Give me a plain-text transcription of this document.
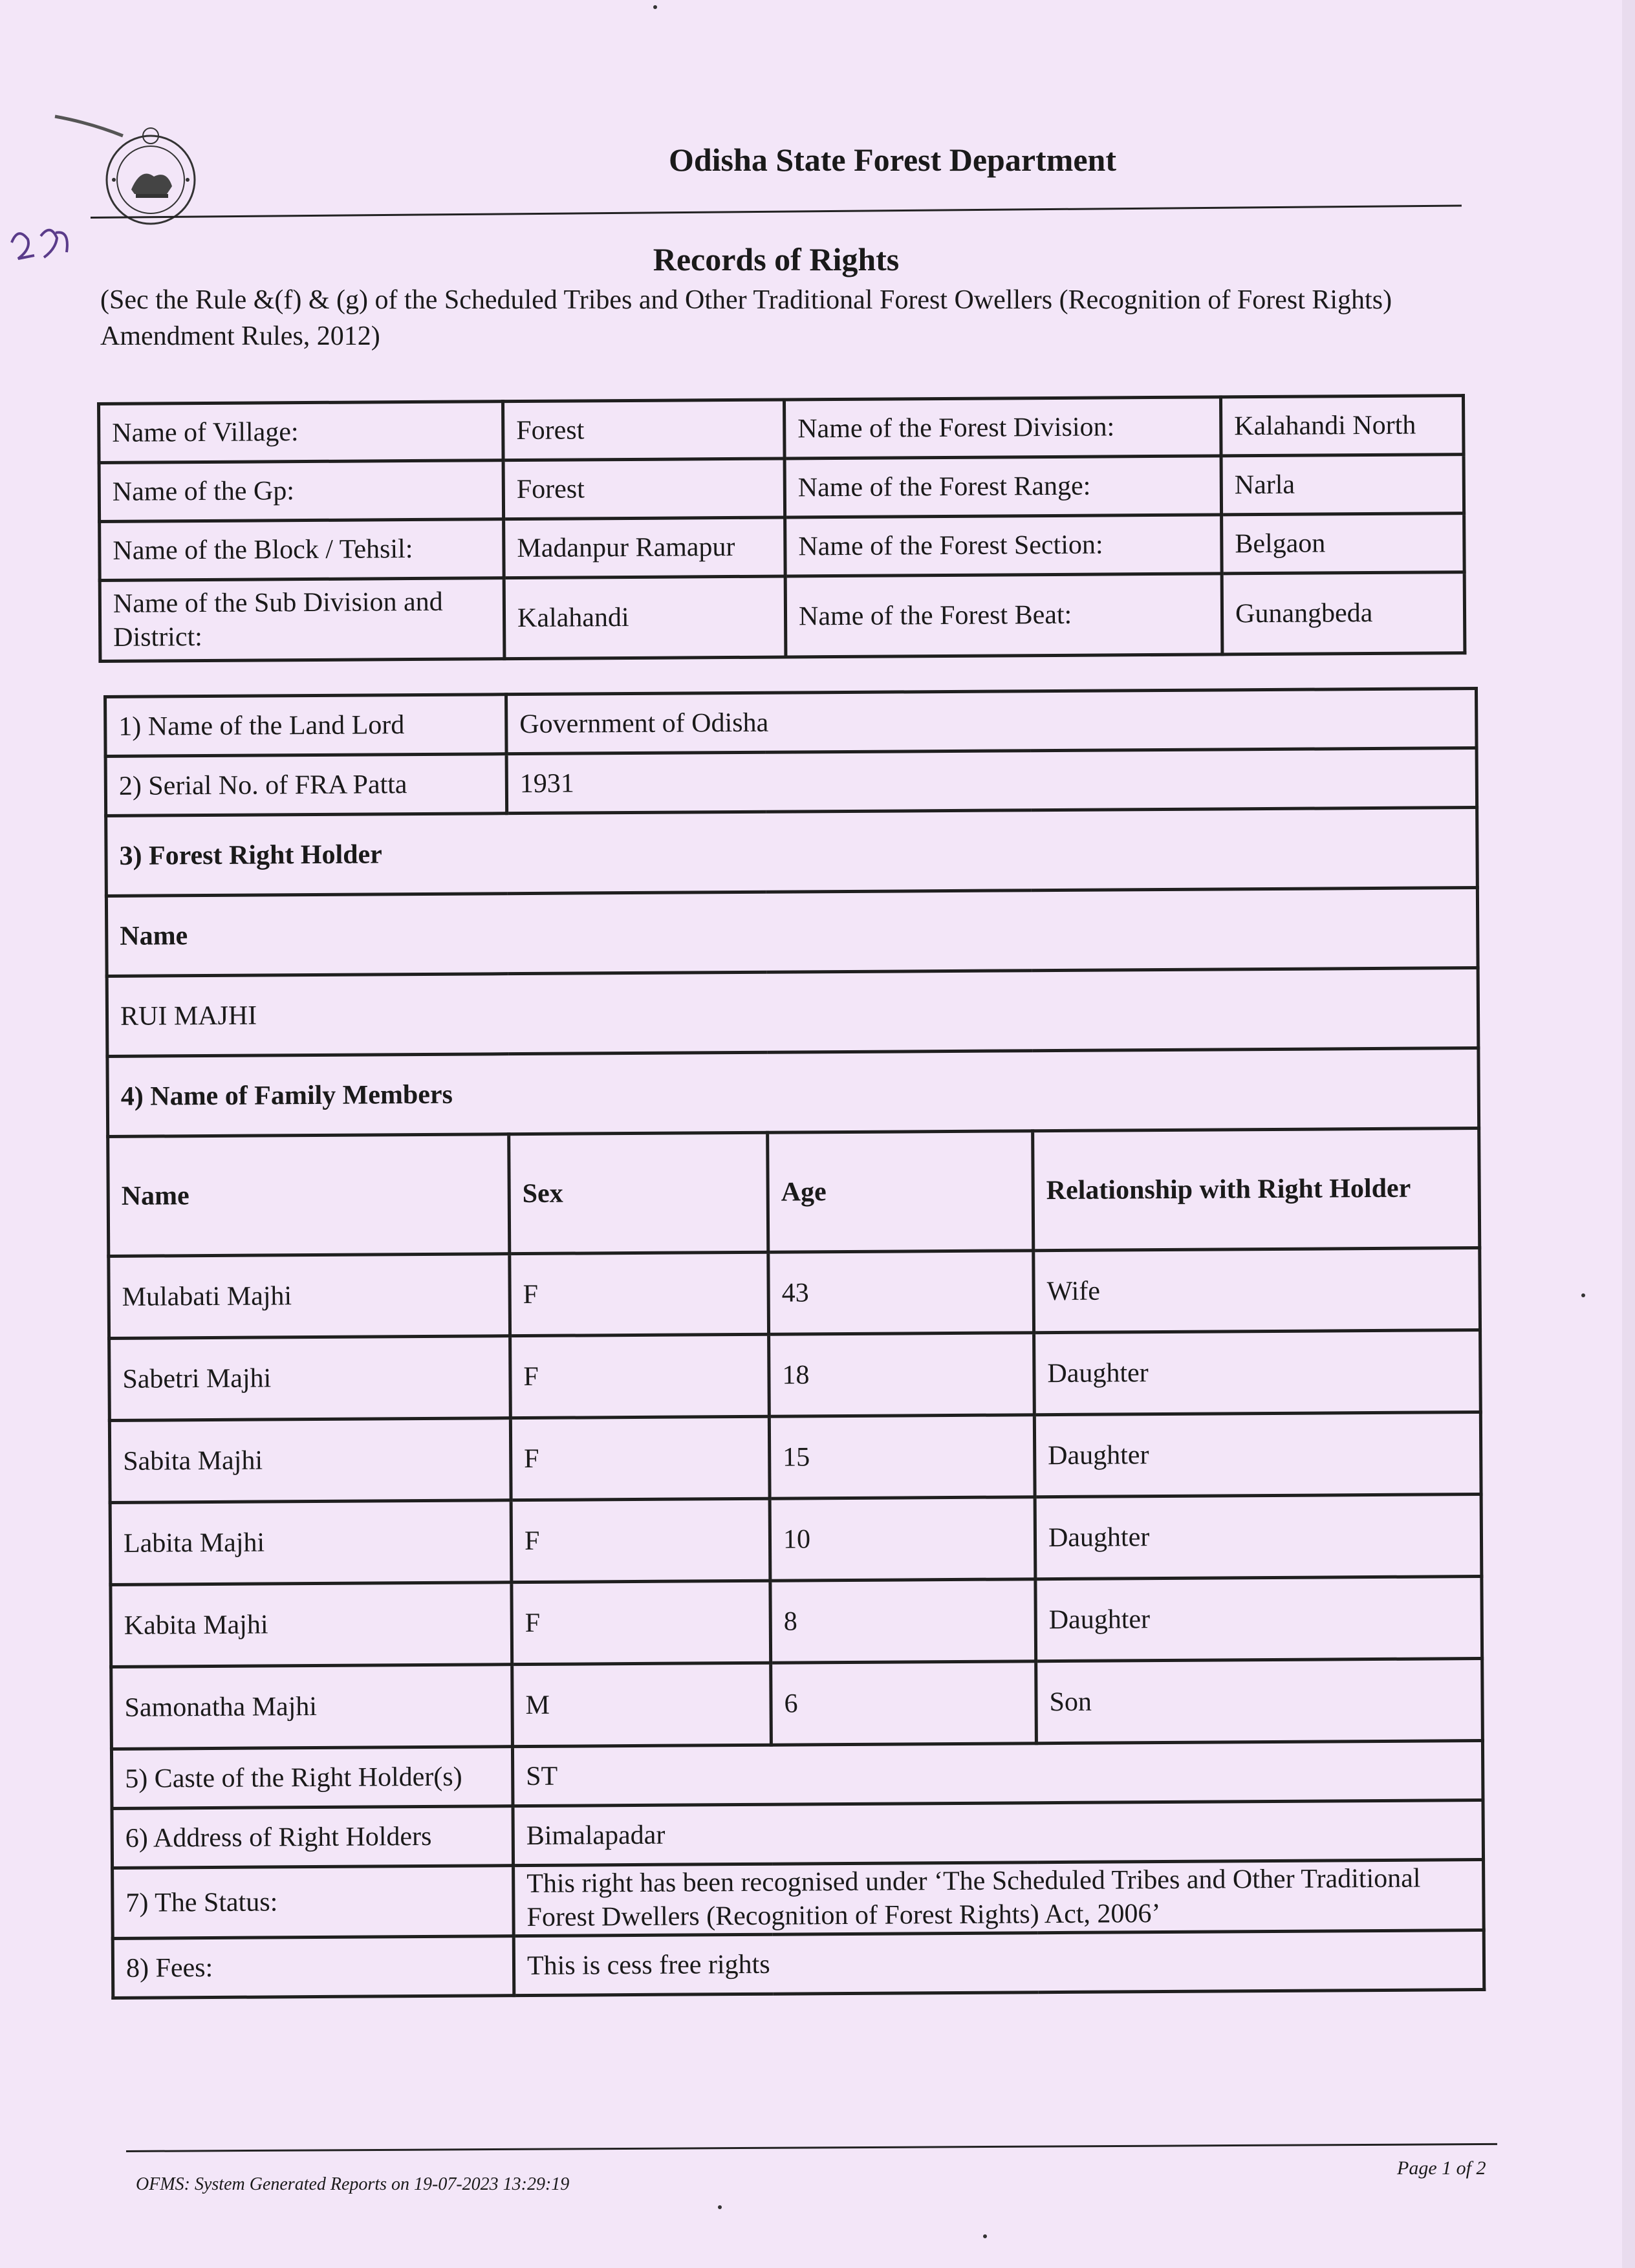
Odisha State Forest Department
Records of Rights
(Sec the Rule &(f) & (g) of the Scheduled Tribes and Other Traditional Forest Owellers (Recognition of Forest Rights) Amendment Rules, 2012)
Name of Village:	Forest	Name of the Forest Division:	Kalahandi North
Name of the Gp:	Forest	Name of the Forest Range:	Narla
Name of the Block / Tehsil:	Madanpur Ramapur	Name of the Forest Section:	Belgaon
Name of the Sub Division and District:	Kalahandi	Name of the Forest Beat:	Gunangbeda
1) Name of the Land Lord	Government of Odisha		
2) Serial No. of FRA Patta	1931		
3) Forest Right Holder			
Name			
RUI MAJHI			
4) Name of Family Members			
Name	Sex	Age	Relationship with Right Holder
Mulabati Majhi	F	43	Wife
Sabetri Majhi	F	18	Daughter
Sabita Majhi	F	15	Daughter
Labita Majhi	F	10	Daughter
Kabita Majhi	F	8	Daughter
Samonatha Majhi	M	6	Son
5) Caste of the Right Holder(s)	ST		
6) Address of Right Holders	Bimalapadar		
7) The Status:	This right has been recognised under ‘The Scheduled Tribes and Other Traditional
Forest Dwellers (Recognition of Forest Rights) Act, 2006’		

8) Fees:	This is cess free rights		
OFMS: System Generated Reports on 19-07-2023 13:29:19
Page 1 of 2
